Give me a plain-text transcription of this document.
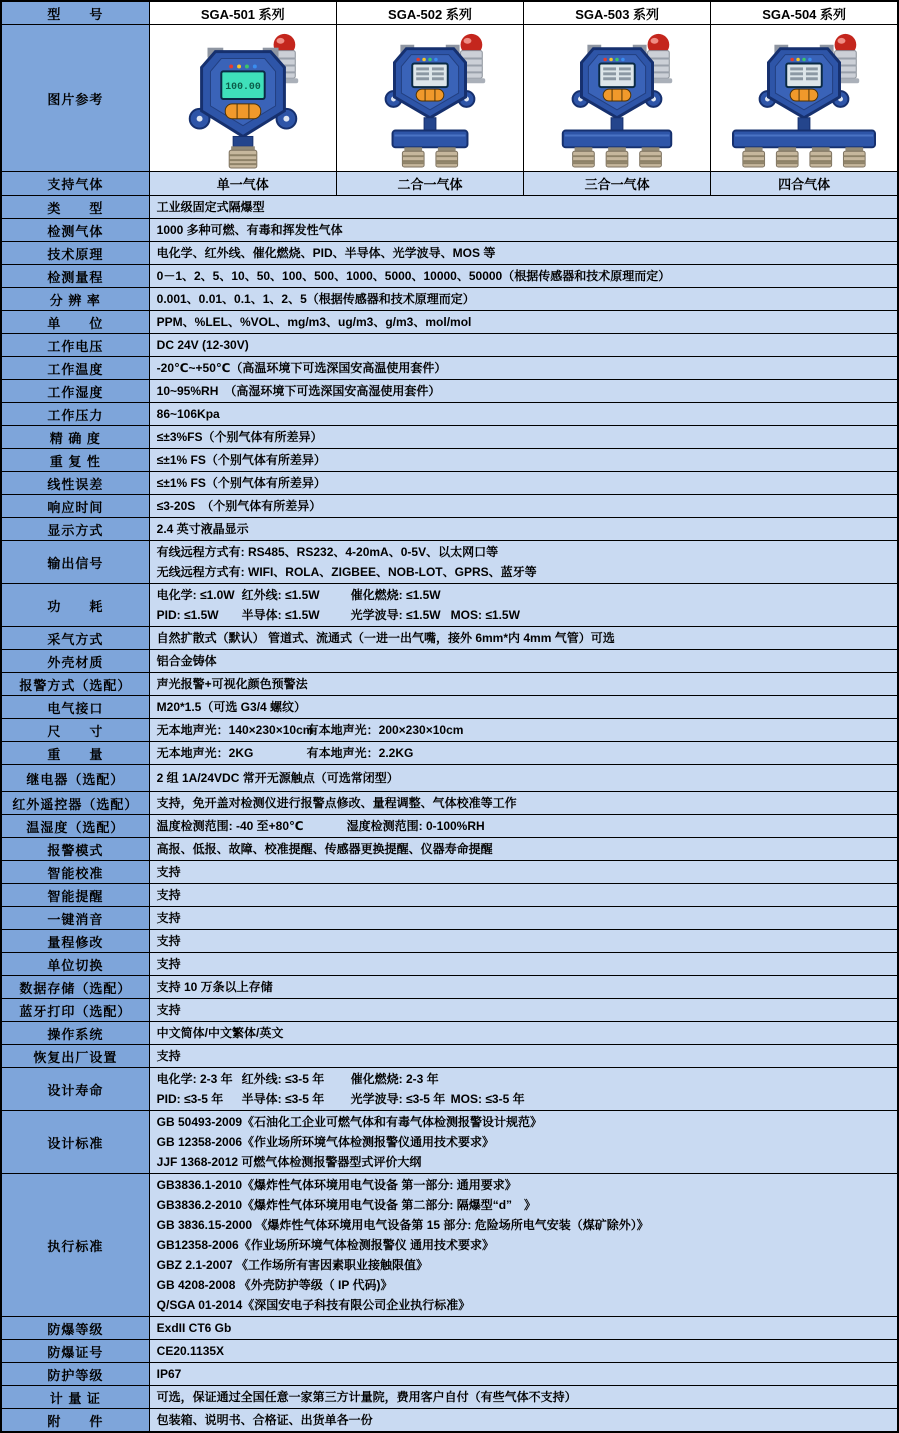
型　　号	SGA-501 系列	SGA-502 系列	SGA-503 系列	SGA-504 系列
图片参考	100.00

支持气体	单一气体	二合一气体	三合一气体	四合气体
类　　型	工业级固定式隔爆型			

检测气体	1000 多种可燃、有毒和挥发性气体			

技术原理	电化学、红外线、催化燃烧、PID、半导体、光学波导、MOS 等			

检测量程	0－1、2、5、10、50、100、500、1000、5000、10000、50000（根据传感器和技术原理而定）			

分 辨 率	0.001、0.01、0.1、1、2、5（根据传感器和技术原理而定）			

单　　位	PPM、%LEL、%VOL、mg/m3、ug/m3、g/m3、mol/mol			

工作电压	DC 24V (12-30V)			

工作温度	-20℃~+50℃（高温环境下可选深国安高温使用套件）			

工作湿度	10~95%RH　（高湿环境下可选深国安高湿使用套件）			

工作压力	86~106Kpa			

精 确 度	≤±3%FS（个别气体有所差异）			

重 复 性	≤±1% FS（个别气体有所差异）			

线性误差	≤±1% FS（个别气体有所差异）			

响应时间	≤3-20S　（个别气体有所差异）			

显示方式	2.4 英寸液晶显示			

输出信号	有线远程方式有: RS485、RS232、4-20mA、0-5V、以太网口等
无线远程方式有: WIFI、ROLA、ZIGBEE、NOB-LOT、GPRS、蓝牙等			

功　　耗	电化学: ≤1.0W 红外线: ≤1.5W 催化燃烧: ≤1.5W
PID: ≤1.5W 半导体: ≤1.5W 光学波导: ≤1.5W MOS: ≤1.5W			

采气方式	自然扩散式（默认） 管道式、流通式（一进一出气嘴，接外 6mm*内 4mm 气管）可选			

外壳材质	铝合金铸体			

报警方式（选配）	声光报警+可视化颜色预警法			

电气接口	M20*1.5（可选 G3/4 螺纹）			

尺　　寸	无本地声光：140×230×10cm有本地声光：200×230×10cm			

重　　量	无本地声光：2KG 有本地声光：2.2KG			

继电器（选配）	2 组 1A/24VDC 常开无源触点（可选常闭型）			

红外遥控器（选配）	支持，免开盖对检测仪进行报警点修改、量程调整、气体校准等工作			

温湿度（选配）	温度检测范围: -40 至+80℃ 湿度检测范围: 0-100%RH			

报警模式	高报、低报、故障、校准提醒、传感器更换提醒、仪器寿命提醒			

智能校准	支持			

智能提醒	支持			

一键消音	支持			

量程修改	支持			

单位切换	支持			

数据存储（选配）	支持 10 万条以上存储			

蓝牙打印（选配）	支持			

操作系统	中文简体/中文繁体/英文			

恢复出厂设置	支持			

设计寿命	电化学: 2-3 年 红外线: ≤3-5 年 催化燃烧: 2-3 年
PID: ≤3-5 年 半导体: ≤3-5 年 光学波导: ≤3-5 年 MOS: ≤3-5 年			

设计标准	GB 50493-2009《石油化工企业可燃气体和有毒气体检测报警设计规范》
GB 12358-2006《作业场所环境气体检测报警仪通用技术要求》
JJF 1368-2012 可燃气体检测报警器型式评价大纲			

执行标准	
GB3836.1-2010《爆炸性气体环境用电气设备 第一部分: 通用要求》
GB3836.2-2010《爆炸性气体环境用电气设备 第二部分: 隔爆型“d”　》
GB 3836.15-2000 《爆炸性气体环境用电气设备第 15 部分: 危险场所电气安装（煤矿除外）》
GB12358-2006《作业场所环境气体检测报警仪 通用技术要求》
GBZ 2.1-2007 《工作场所有害因素职业接触限值》
GB 4208-2008 《外壳防护等级（ IP 代码)》
Q/SGA 01-2014《深国安电子科技有限公司企业执行标准》

防爆等级	ExdII CT6 Gb			

防爆证号	CE20.1135X			

防护等级	IP67			

计 量 证	可选，保证通过全国任意一家第三方计量院，费用客户自付（有些气体不支持）			

附　　件	包装箱、说明书、合格证、出货单各一份			
